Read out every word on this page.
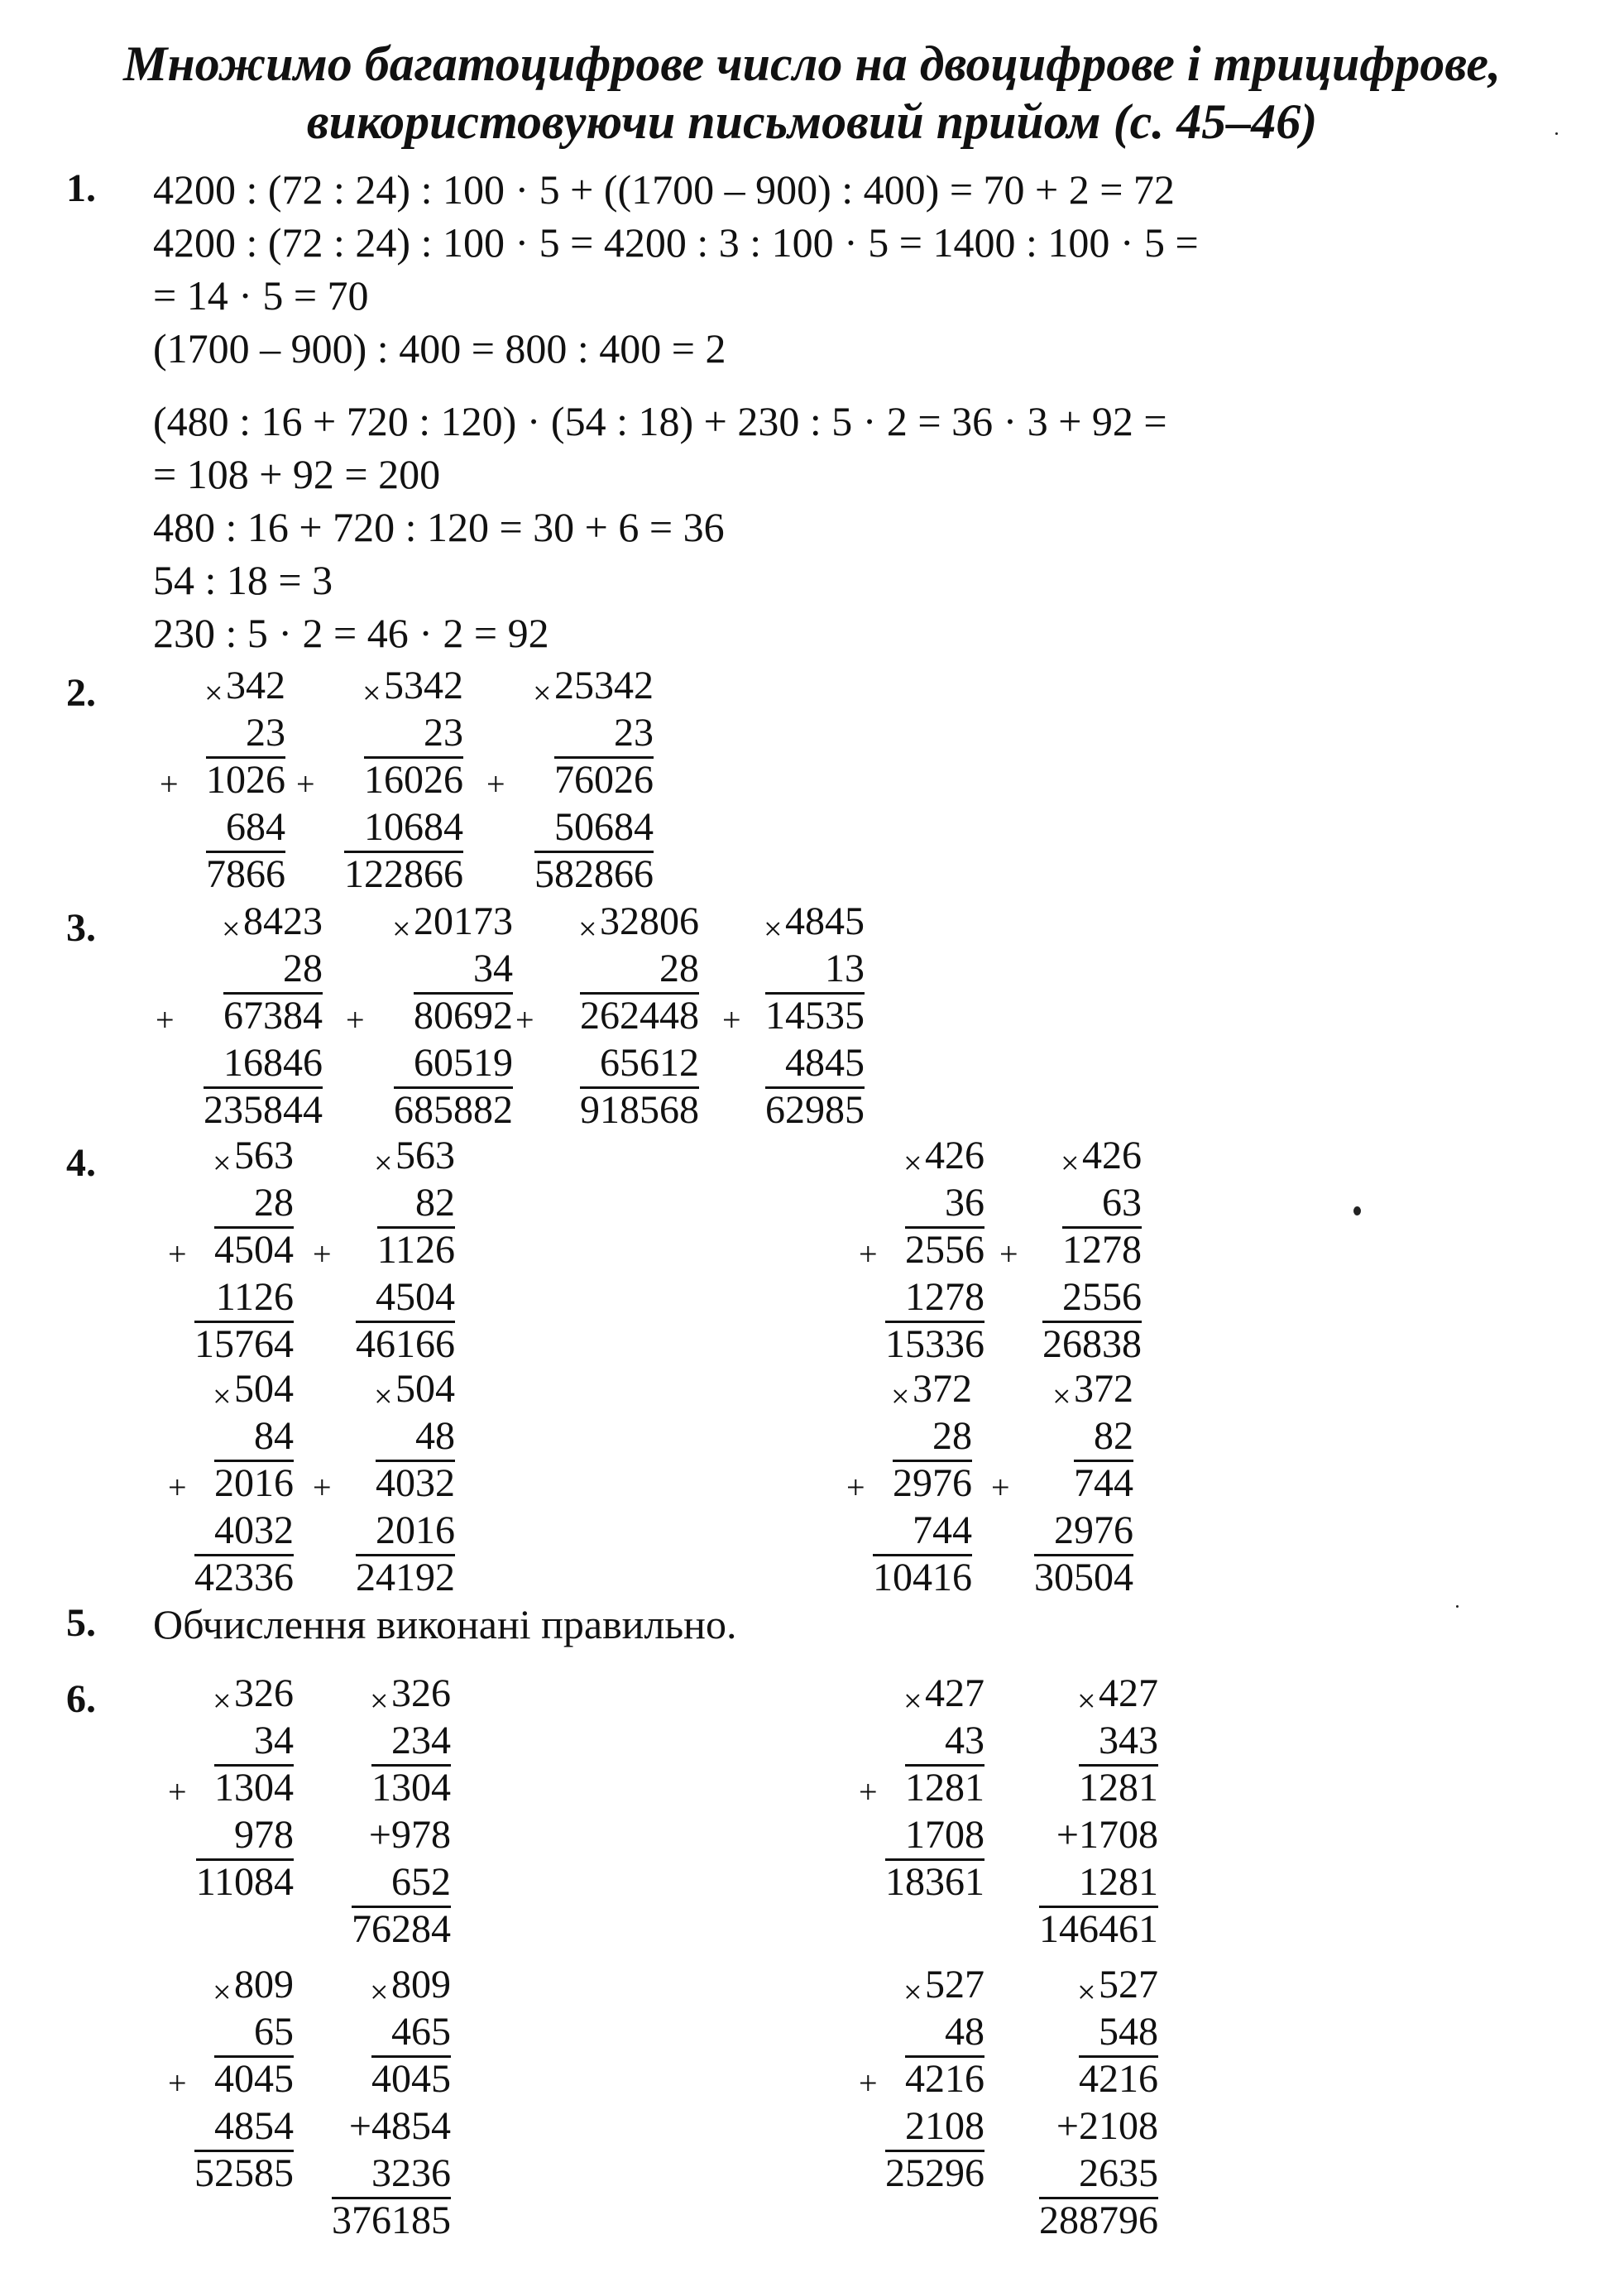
Множимо багатоцифрове число на двоцифрове і трицифрове,
використовуючи письмовий прийом (с. 45–46)
1. 4200 : (72 : 24) : 100 · 5 + ((1700 – 900) : 400) = 70 + 2 = 72
4200 : (72 : 24) : 100 · 5 = 4200 : 3 : 100 · 5 = 1400 : 100 · 5 =
= 14 · 5 = 70
(1700 – 900) : 400 = 800 : 400 = 2
(480 : 16 + 720 : 120) · (54 : 18) + 230 : 5 · 2 = 36 · 3 + 92 =
= 108 + 92 = 200
480 : 16 + 720 : 120 = 30 + 6 = 36
54 : 18 = 3
230 : 5 · 2 = 46 · 2 = 92
2.
3.
4.
5. Обчислення виконані правильно.
6.
342
23
1026
684
7866
×
+
5342
23
16026
10684
122866
×
+
25342
23
76026
50684
582866
×
+
8423
28
67384
16846
235844
×
+
20173
34
80692
60519
685882
×
+
32806
28
262448
65612
918568
×
+
4845
13
14535
4845
62985
×
+
563
28
4504
1126
15764
×
+
563
82
1126
4504
46166
×
+
426
36
2556
1278
15336
×
+
426
63
1278
2556
26838
×
+
504
84
2016
4032
42336
×
+
504
48
4032
2016
24192
×
+
372
28
2976
744
10416
×
+
372
82
744
2976
30504
×
+
326
34
1304
978
11084
×
+
326
234
1304
+978
652
76284
×	427
43
1281
1708
18361
×
+
427
343
1281
+1708
1281
146461
×
809
65
4045
4854
52585
×
+
809
465
4045
+4854
3236
376185
×	527
48
4216
2108
25296
×
+
527
548
4216
+2108
2635
288796
×
